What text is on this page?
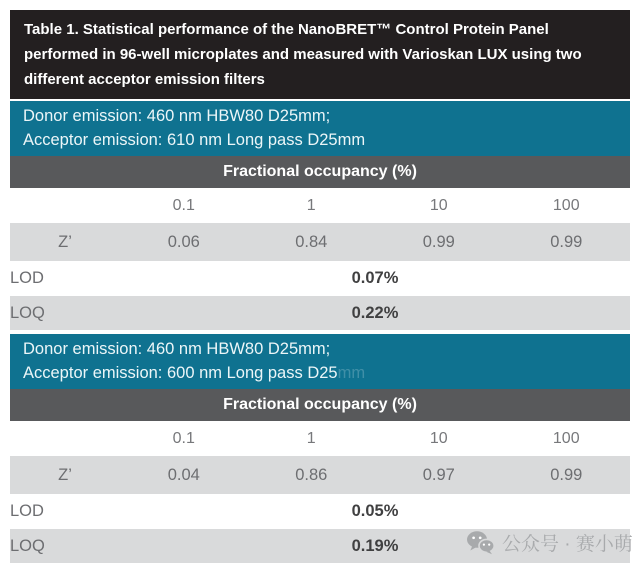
Table 1. Statistical performance of the NanoBRET™ Control Protein Panel performed in 96-well microplates and measured with Varioskan LUX using two different acceptor emission filters
Donor emission: 460 nm HBW80 D25mm;
Acceptor emission: 610 nm Long pass D25mm
Fractional occupancy (%)
0.1	1	10	100
Z’	0.06	0.84	0.99	0.99
LOD	0.07%
LOQ	0.22%
Donor emission: 460 nm HBW80 D25mm;
Acceptor emission: 600 nm Long pass D25mm
Fractional occupancy (%)
0.1	1	10	100
Z’	0.04	0.86	0.97	0.99
LOD	0.05%
LOQ	0.19%	公众号 · 赛小萌
